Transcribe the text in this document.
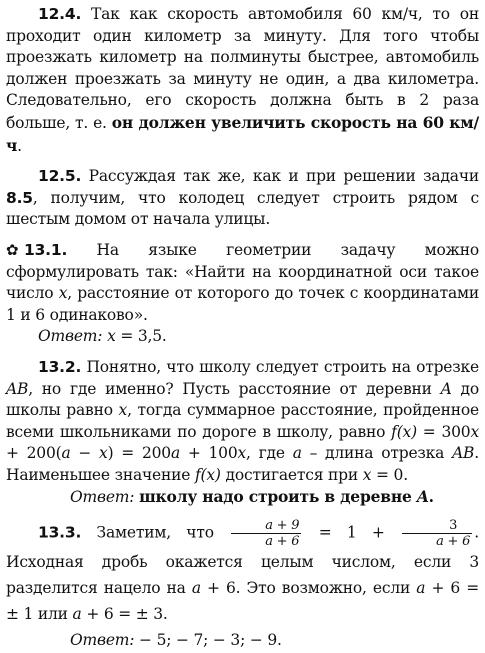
12.4. Так как скорость автомобиля 60 км/ч, то он проходит один километр за минуту. Для того чтобы проезжать километр на полминуты быстрее, автомобиль должен проезжать за минуту не один, а два километра. Следовательно, его скорость должна быть в 2 раза больше, т. е. он должен увеличить скорость на 60 км/ч.

12.5. Рассуждая так же, как и при решении задачи 8.5, получим, что колодец следует строить рядом с шестым домом от начала улицы.

✿ 13.1. На языке геометрии задачу можно сформулировать так: «Найти на координатной оси такое число x, расстояние от которого до точек с координатами 1 и 6 одинаково».
Ответ: x = 3,5.

13.2. Понятно, что школу следует строить на отрезке AB, но где именно? Пусть расстояние от деревни A до школы равно x, тогда суммарное расстояние, пройденное всеми школьниками по дороге в школу, равно f(x) = 300x + 200(a − x) = 200a + 100x, где a – длина отрезка AB. Наименьшее значение f(x) достигается при x = 0.
Ответ: школу надо строить в деревне A.

13.3. Заметим, что $\frac{a + 9}{a + 6} = 1 + \frac{3}{a + 6}$ . Исходная дробь окажется целым числом, если 3 разделится нацело на a + 6. Это возможно, если a + 6 = ± 1 или a + 6 = ± 3.
Ответ: − 5; − 7; − 3; − 9.
